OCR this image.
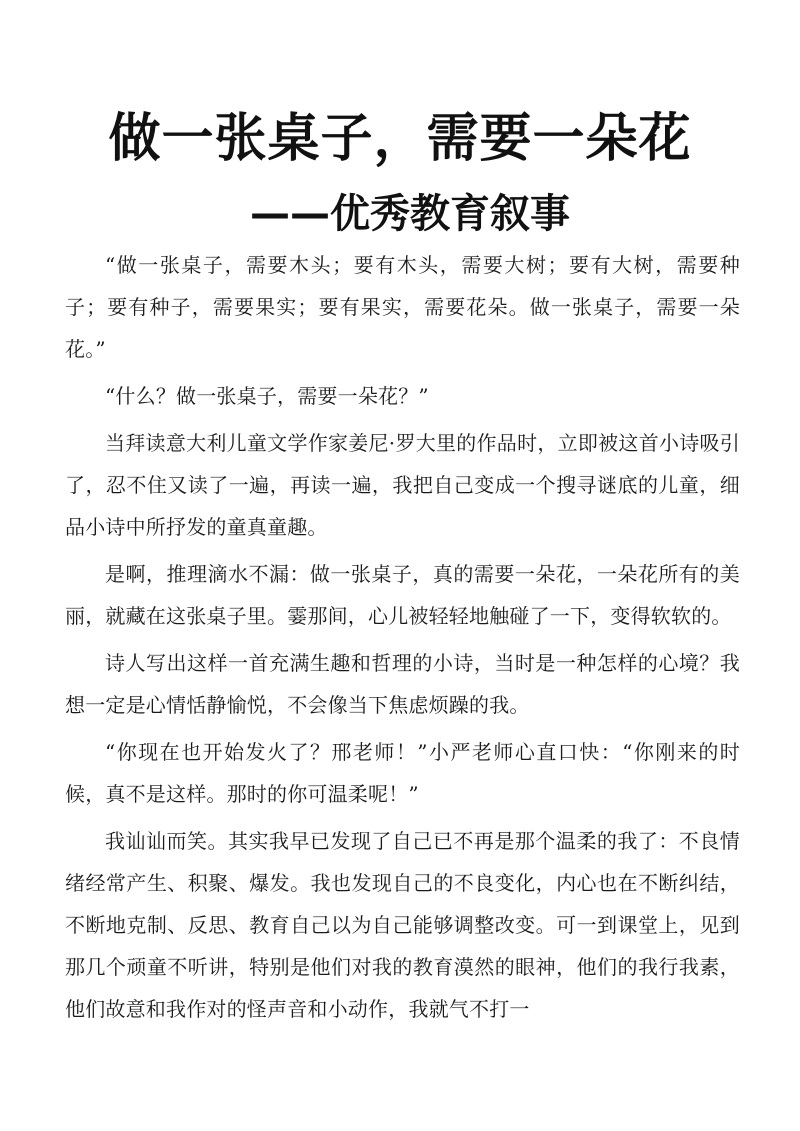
做一张桌子，需要一朵花
——优秀教育叙事

“做一张桌子，需要木头；要有木头，需要大树；要有大树，需要种子；要有种子，需要果实；要有果实，需要花朵。做一张桌子，需要一朵花。”

“什么？做一张桌子，需要一朵花？”

当拜读意大利儿童文学作家姜尼·罗大里的作品时，立即被这首小诗吸引了，忍不住又读了一遍，再读一遍，我把自己变成一个搜寻谜底的儿童，细品小诗中所抒发的童真童趣。

是啊，推理滴水不漏：做一张桌子，真的需要一朵花，一朵花所有的美丽，就藏在这张桌子里。霎那间，心儿被轻轻地触碰了一下，变得软软的。

诗人写出这样一首充满生趣和哲理的小诗，当时是一种怎样的心境？我想一定是心情恬静愉悦，不会像当下焦虑烦躁的我。

“你现在也开始发火了？邢老师！”小严老师心直口快：“你刚来的时候，真不是这样。那时的你可温柔呢！”

我讪讪而笑。其实我早已发现了自己已不再是那个温柔的我了：不良情绪经常产生、积聚、爆发。我也发现自己的不良变化，内心也在不断纠结，不断地克制、反思、教育自己以为自己能够调整改变。可一到课堂上，见到那几个顽童不听讲，特别是他们对我的教育漠然的眼神，他们的我行我素，他们故意和我作对的怪声音和小动作，我就气不打一
